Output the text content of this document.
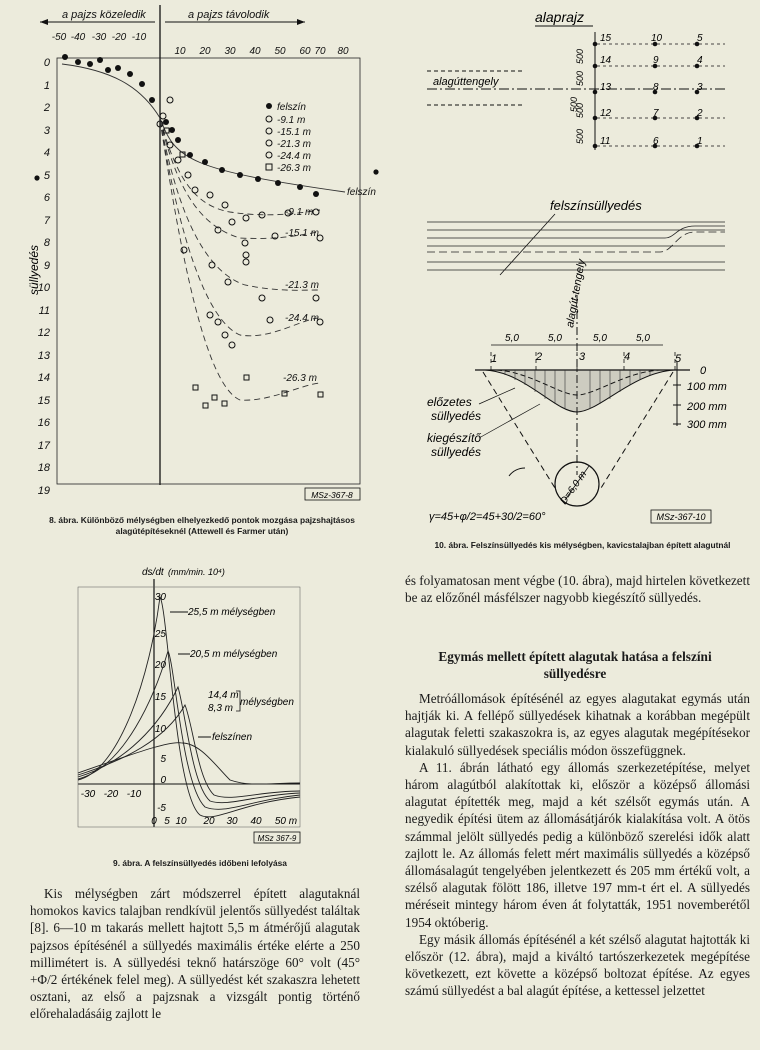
a pajzs közeledik	a pajzs távolodik
-50 -40 -30 -20 -10
10 20 30 40 50 60 70 80
0
1
2
3
4
5
6
7
8
9
10
11
12
13
14
15
16
17
18
19
süllyedés
felszín
-9.1 m
-15.1 m
-21.3 m
-24.4 m
-26.3 m
felszín
-9.1 m
-15.1 m
-21.3 m
-24.4 m
-26.3 m
MSz-367-8
8. ábra. Különböző mélységben elhelyezkedő pontok mozgása pajzshajtásos alagútépítéseknél (Attewell és Farmer után)
ds/dt (mm/min. 10⁴)
30
25
20
15
10
5
0
-5
-30 -20 -10
20 30 40 50 m
0 5 10
25,5 m mélységben
20,5 m mélységben
14,4 m
8,3 m
mélységben
felszínen
MSz 367-9
9. ábra. A felszínsüllyedés időbeni lefolyása
alaprajz
alagúttengely
15	10	5
14	9	4
13	8	3
12	7	2
11	6	1
500
500
500
500
500
felszínsüllyedés
alagút-tengely
5,0	5,0	5,0	5,0
1	2	3	4	5
0
100 mm
200 mm
300 mm
előzetes
süllyedés
kiegészítő
süllyedés
D=6,0 m
γ=45+φ/2=45+30/2=60°	MSz-367-10
10. ábra. Felszínsüllyedés kis mélységben, kavicstalajban épített alagutnál

Kis mélységben zárt módszerrel épített alagutaknál homokos kavics talajban rendkívül jelentős süllyedést találtak [8]. 6—10 m takarás mellett hajtott 5,5 m átmérőjű alagutak pajzsos építésénél a süllyedés maximális értéke elérte a 250 millimétert is. A süllyedési teknő határszöge 60° volt (45°+Φ/2 értékének felel meg). A süllyedést két szakaszra lehetett osztani, az első a pajzsnak a vizsgált pontig történő előrehaladásáig zajlott le

és folyamatosan ment végbe (10. ábra), majd hirtelen következett be az előzőnél másfélszer nagyobb kiegészítő süllyedés.

Egymás mellett épített alagutak hatása a felszíni süllyedésre

Metróállomások építésénél az egyes alagutakat egymás után hajtják ki. A fellépő süllyedések kihatnak a korábban megépült alagutak feletti szakaszokra is, az egyes alagutak megépítésekor kialakuló süllyedések speciális módon összefüggnek.

A 11. ábrán látható egy állomás szerkezetépítése, melyet három alagútból alakítottak ki, először a középső állomási alagutat építették meg, majd a két szélsőt egymás után. A negyedik építési ütem az állomásátjárók kialakítása volt. A ötös számmal jelölt süllyedés pedig a különböző szerelési idők alatt zajlott le. Az állomás felett mért maximális süllyedés a középső állomásalagút tengelyében jelentkezett és 205 mm értékű volt, a szélső alagutak fölött 186, illetve 197 mm-t ért el. A süllyedés méréseit mintegy három éven át folytatták, 1951 novemberétől 1954 októberig.

Egy másik állomás építésénél a két szélső alagutat hajtották ki először (12. ábra), majd a kiváltó tartószerkezetek megépítése következett, ezt követte a középső boltozat építése. Az egyes számú süllyedést a bal alagút építése, a kettessel jelzettet
